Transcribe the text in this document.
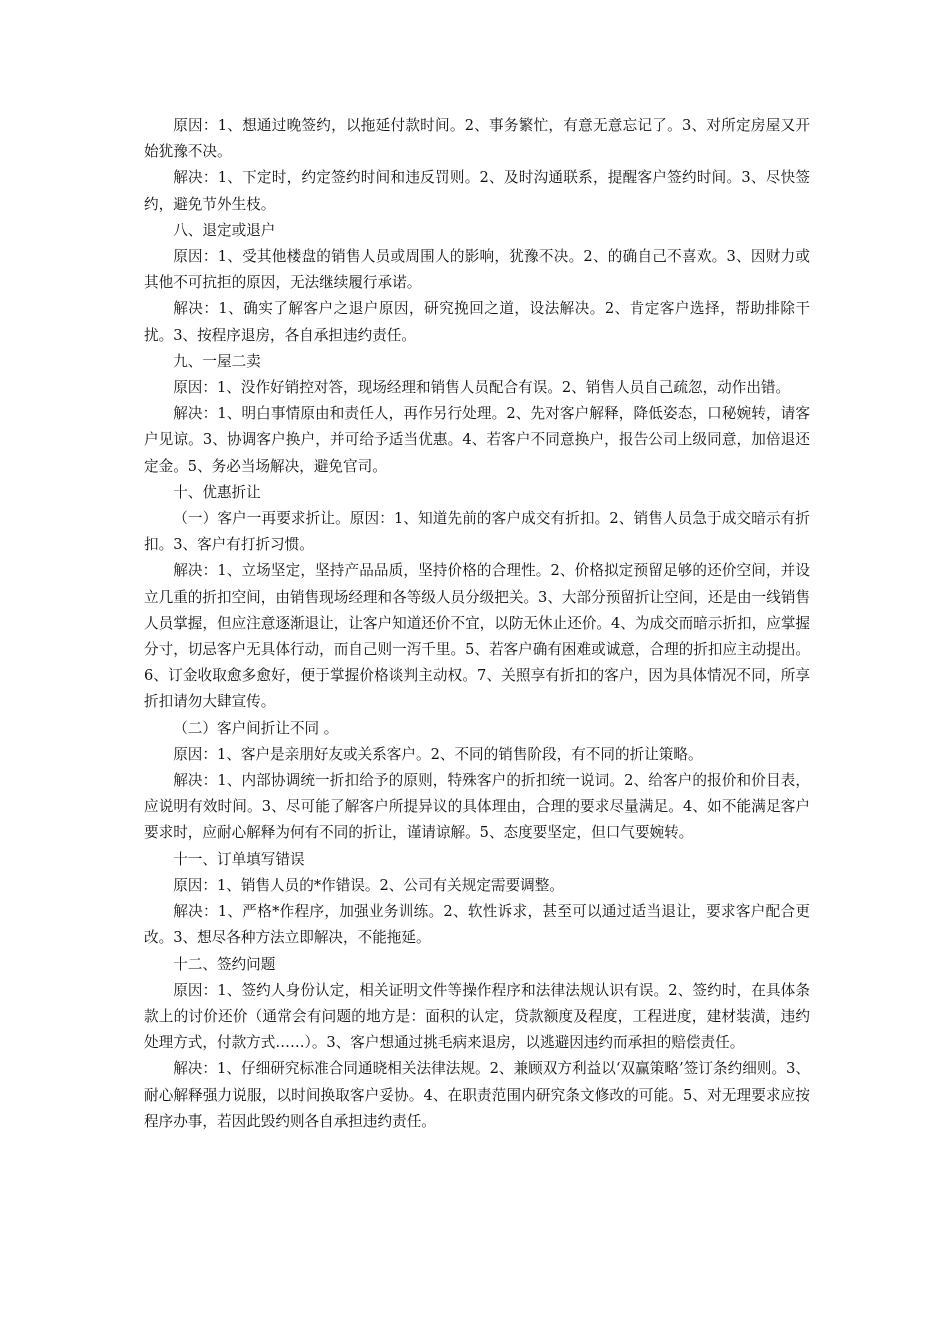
原因：1、想通过晚签约，以拖延付款时间。2、事务繁忙，有意无意忘记了。3、对所定房屋又开始犹豫不决。

解决：1、下定时，约定签约时间和违反罚则。2、及时沟通联系，提醒客户签约时间。3、尽快签约，避免节外生枝。

八、退定或退户

原因：1、受其他楼盘的销售人员或周围人的影响，犹豫不决。2、的确自己不喜欢。3、因财力或其他不可抗拒的原因，无法继续履行承诺。

解决：1、确实了解客户之退户原因，研究挽回之道，设法解决。2、肯定客户选择，帮助排除干扰。3、按程序退房，各自承担违约责任。

九、一屋二卖

原因：1、没作好销控对答，现场经理和销售人员配合有误。2、销售人员自己疏忽，动作出错。

解决：1、明白事情原由和责任人，再作另行处理。2、先对客户解释，降低姿态，口秘婉转，请客户见谅。3、协调客户换户，并可给予适当优惠。4、若客户不同意换户，报告公司上级同意，加倍退还定金。5、务必当场解决，避免官司。

十、优惠折让

（一）客户一再要求折让。原因：1、知道先前的客户成交有折扣。2、销售人员急于成交暗示有折扣。3、客户有打折习惯。

解决：1、立场坚定，坚持产品品质，坚持价格的合理性。2、价格拟定预留足够的还价空间，并设立几重的折扣空间，由销售现场经理和各等级人员分级把关。3、大部分预留折让空间，还是由一线销售人员掌握，但应注意逐渐退让，让客户知道还价不宜，以防无休止还价。4、为成交而暗示折扣，应掌握分寸，切忌客户无具体行动，而自己则一泻千里。5、若客户确有困难或诚意，合理的折扣应主动提出。6、订金收取愈多愈好，便于掌握价格谈判主动权。7、关照享有折扣的客户，因为具体情况不同，所享折扣请勿大肆宣传。

（二）客户间折让不同 。

原因：1、客户是亲朋好友或关系客户。2、不同的销售阶段，有不同的折让策略。

解决：1、内部协调统一折扣给予的原则，特殊客户的折扣统一说词。2、给客户的报价和价目表，应说明有效时间。3、尽可能了解客户所提异议的具体理由，合理的要求尽量满足。4、如不能满足客户要求时，应耐心解释为何有不同的折让，谨请谅解。5、态度要坚定，但口气要婉转。

十一、订单填写错误

原因：1、销售人员的*作错误。2、公司有关规定需要调整。

解决：1、严格*作程序，加强业务训练。2、软性诉求，甚至可以通过适当退让，要求客户配合更改。3、想尽各种方法立即解决，不能拖延。

十二、签约问题

原因：1、签约人身份认定，相关证明文件等操作程序和法律法规认识有误。2、签约时，在具体条款上的讨价还价（通常会有问题的地方是：面积的认定，贷款额度及程度，工程进度，建材装潢，违约处理方式，付款方式……）。3、客户想通过挑毛病来退房，以逃避因违约而承担的赔偿责任。

解决：1、仔细研究标准合同通晓相关法律法规。2、兼顾双方利益以‘双赢策略’签订条约细则。3、耐心解释强力说服，以时间换取客户妥协。4、在职责范围内研究条文修改的可能。5、对无理要求应按程序办事，若因此毁约则各自承担违约责任。
